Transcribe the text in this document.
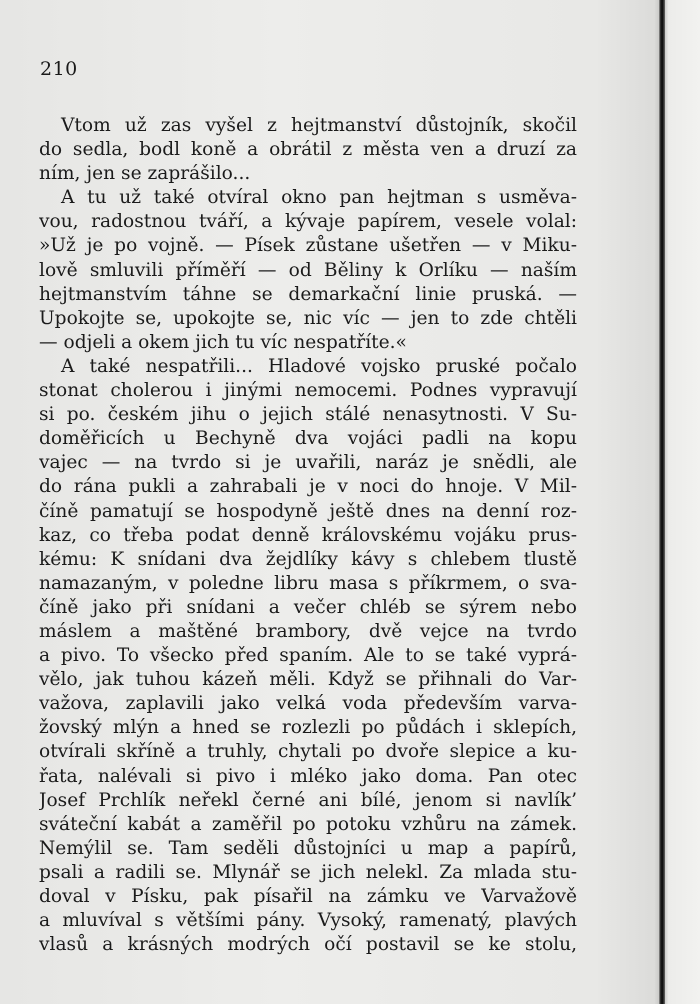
210
Vtom už zas vyšel z hejtmanství důstojník, skočil
do sedla, bodl koně a obrátil z města ven a druzí za
ním, jen se zaprášilo...
A tu už také otvíral okno pan hejtman s usměva-
vou, radostnou tváří, a kývaje papírem, vesele volal:
»Už je po vojně. — Písek zůstane ušetřen — v Miku-
lově smluvili příměří — od Běliny k Orlíku — naším
hejtmanstvím táhne se demarkační linie pruská. —
Upokojte se, upokojte se, nic víc — jen to zde chtěli
— odjeli a okem jich tu víc nespatříte.«
A také nespatřili... Hladové vojsko pruské počalo
stonat cholerou i jinými nemocemi. Podnes vypravují
si po. českém jihu o jejich stálé nenasytnosti. V Su-
doměřicích u Bechyně dva vojáci padli na kopu
vajec — na tvrdo si je uvařili, naráz je snědli, ale
do rána pukli a zahrabali je v noci do hnoje. V Mil-
číně pamatují se hospodyně ještě dnes na denní roz-
kaz, co třeba podat denně královskému vojáku prus-
kému: K snídani dva žejdlíky kávy s chlebem tlustě
namazaným, v poledne libru masa s příkrmem, o sva-
číně jako při snídani a večer chléb se sýrem nebo
máslem a maštěné brambory, dvě vejce na tvrdo
a pivo. To všecko před spaním. Ale to se také vyprá-
vělo, jak tuhou kázeň měli. Když se přihnali do Var-
važova, zaplavili jako velká voda především varva-
žovský mlýn a hned se rozlezli po půdách i sklepích,
otvírali skříně a truhly, chytali po dvoře slepice a ku-
řata, nalévali si pivo i mléko jako doma. Pan otec
Josef Prchlík neřekl černé ani bílé, jenom si navlík’
sváteční kabát a zaměřil po potoku vzhůru na zámek.
Nemýlil se. Tam seděli důstojníci u map a papírů,
psali a radili se. Mlynář se jich nelekl. Za mlada stu-
doval v Písku, pak písařil na zámku ve Varvažově
a mluvíval s většími pány. Vysoký, ramenatý, plavých
vlasů a krásných modrých očí postavil se ke stolu,
